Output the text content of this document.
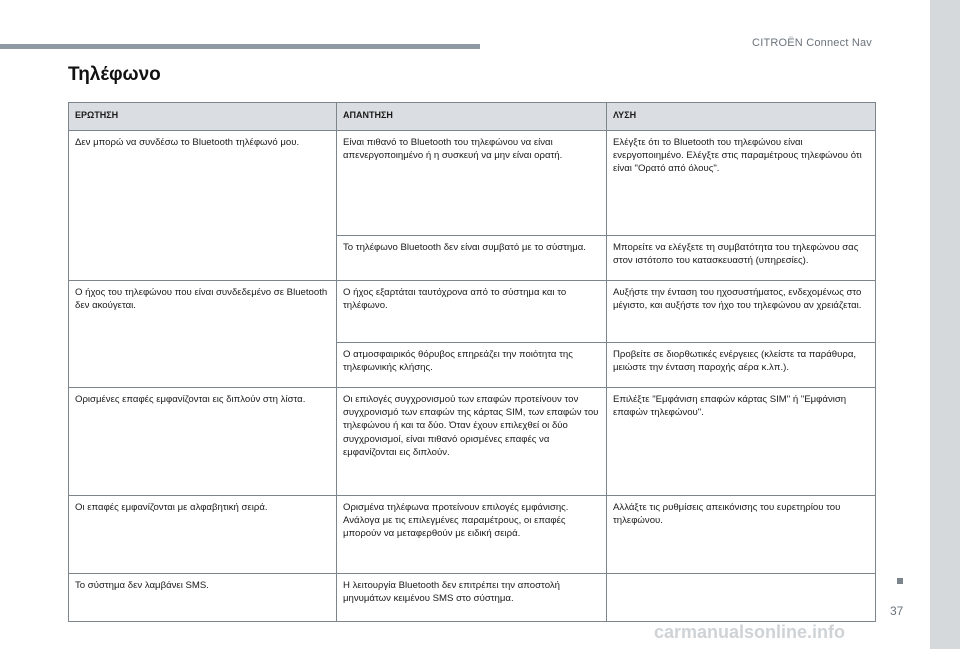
CITROËN Connect Nav
Τηλέφωνο
ΕΡΩΤΗΣΗ	ΑΠΑΝΤΗΣΗ	ΛΥΣΗ
Δεν μπορώ να συνδέσω το Bluetooth τηλέφωνό μου.	Είναι πιθανό το Bluetooth του τηλεφώνου να είναι απενεργοποιημένο ή η συσκευή να μην είναι ορατή.	Ελέγξτε ότι το Bluetooth του τηλεφώνου είναι ενεργοποιημένο. Ελέγξτε στις παραμέτρους τηλεφώνου ότι είναι "Ορατό από όλους".
	Το τηλέφωνο Bluetooth δεν είναι συμβατό με το σύστημα.	Μπορείτε να ελέγξετε τη συμβατότητα του τηλεφώνου σας στον ιστότοπο του κατασκευαστή (υπηρεσίες).
Ο ήχος του τηλεφώνου που είναι συνδεδεμένο σε Bluetooth δεν ακούγεται.	Ο ήχος εξαρτάται ταυτόχρονα από το σύστημα και το τηλέφωνο.	Αυξήστε την ένταση του ηχοσυστήματος, ενδεχομένως στο μέγιστο, και αυξήστε τον ήχο του τηλεφώνου αν χρειάζεται.
	Ο ατμοσφαιρικός θόρυβος επηρεάζει την ποιότητα της τηλεφωνικής κλήσης.	Προβείτε σε διορθωτικές ενέργειες (κλείστε τα παράθυρα, μειώστε την ένταση παροχής αέρα κ.λπ.).
Ορισμένες επαφές εμφανίζονται εις διπλούν στη λίστα.	Οι επιλογές συγχρονισμού των επαφών προτείνουν τον συγχρονισμό των επαφών της κάρτας SIM, των επαφών του τηλεφώνου ή και τα δύο. Όταν έχουν επιλεχθεί οι δύο συγχρονισμοί, είναι πιθανό ορισμένες επαφές να εμφανίζονται εις διπλούν.	Επιλέξτε "Εμφάνιση επαφών κάρτας SIM" ή "Εμφάνιση επαφών τηλεφώνου".
Οι επαφές εμφανίζονται με αλφαβητική σειρά.	Ορισμένα τηλέφωνα προτείνουν επιλογές εμφάνισης. Ανάλογα με τις επιλεγμένες παραμέτρους, οι επαφές μπορούν να μεταφερθούν με ειδική σειρά.	Αλλάξτε τις ρυθμίσεις απεικόνισης του ευρετηρίου του τηλεφώνου.
Το σύστημα δεν λαμβάνει SMS.	Η λειτουργία Bluetooth δεν επιτρέπει την αποστολή μηνυμάτων κειμένου SMS στο σύστημα.	
37
carmanualsonline.info
